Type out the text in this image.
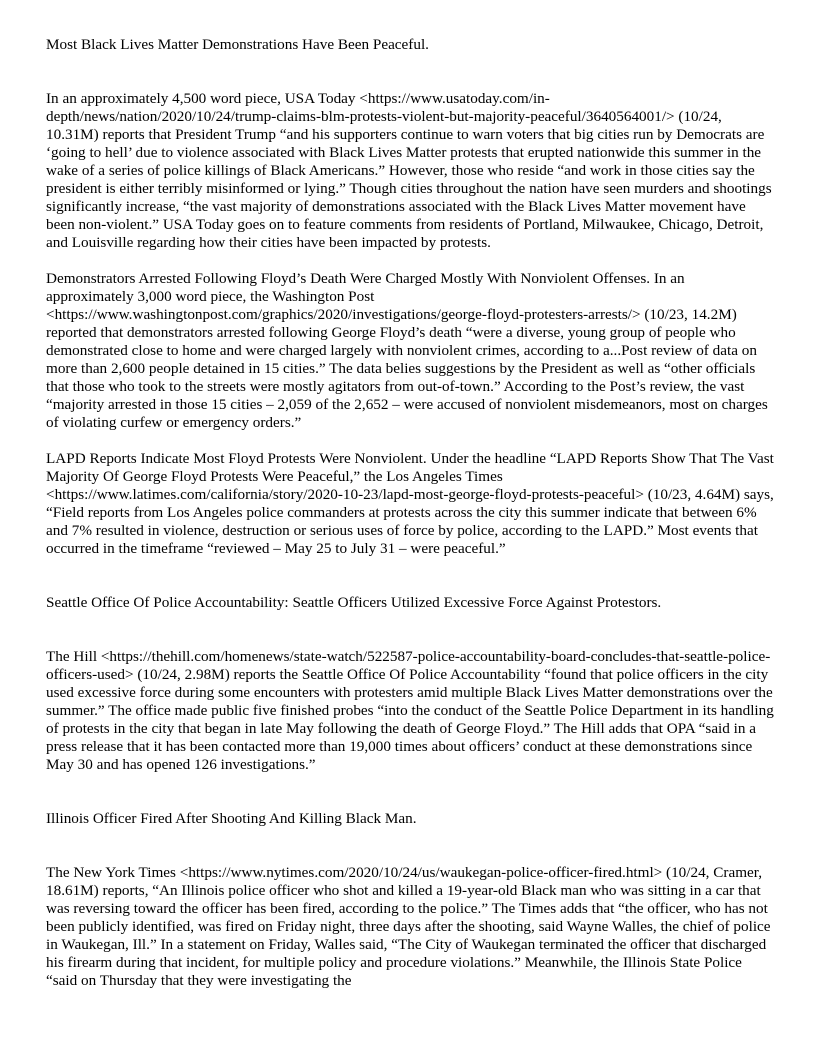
Most Black Lives Matter Demonstrations Have Been Peaceful.

In an approximately 4,500 word piece, USA Today <https://www.usatoday.com/in-depth/news/nation/2020/10/24/trump-claims-blm-protests-violent-but-majority-peaceful/3640564001/> (10/24, 10.31M) reports that President Trump “and his supporters continue to warn voters that big cities run by Democrats are ‘going to hell’ due to violence associated with Black Lives Matter protests that erupted nationwide this summer in the wake of a series of police killings of Black Americans.” However, those who reside “and work in those cities say the president is either terribly misinformed or lying.” Though cities throughout the nation have seen murders and shootings significantly increase, “the vast majority of demonstrations associated with the Black Lives Matter movement have been non-violent.” USA Today goes on to feature comments from residents of Portland, Milwaukee, Chicago, Detroit, and Louisville regarding how their cities have been impacted by protests.

Demonstrators Arrested Following Floyd’s Death Were Charged Mostly With Nonviolent Offenses. In an approximately 3,000 word piece, the Washington Post <https://www.washingtonpost.com/graphics/2020/investigations/george-floyd-protesters-arrests/> (10/23, 14.2M) reported that demonstrators arrested following George Floyd’s death “were a diverse, young group of people who demonstrated close to home and were charged largely with nonviolent crimes, according to a...Post review of data on more than 2,600 people detained in 15 cities.” The data belies suggestions by the President as well as “other officials that those who took to the streets were mostly agitators from out-of-town.” According to the Post’s review, the vast “majority arrested in those 15 cities – 2,059 of the 2,652 – were accused of nonviolent misdemeanors, most on charges of violating curfew or emergency orders.”

LAPD Reports Indicate Most Floyd Protests Were Nonviolent. Under the headline “LAPD Reports Show That The Vast Majority Of George Floyd Protests Were Peaceful,” the Los Angeles Times <https://www.latimes.com/california/story/2020-10-23/lapd-most-george-floyd-protests-peaceful> (10/23, 4.64M) says, “Field reports from Los Angeles police commanders at protests across the city this summer indicate that between 6% and 7% resulted in violence, destruction or serious uses of force by police, according to the LAPD.” Most events that occurred in the timeframe “reviewed – May 25 to July 31 – were peaceful.”

Seattle Office Of Police Accountability: Seattle Officers Utilized Excessive Force Against Protestors.

The Hill <https://thehill.com/homenews/state-watch/522587-police-accountability-board-concludes-that-seattle-police-officers-used> (10/24, 2.98M) reports the Seattle Office Of Police Accountability “found that police officers in the city used excessive force during some encounters with protesters amid multiple Black Lives Matter demonstrations over the summer.” The office made public five finished probes “into the conduct of the Seattle Police Department in its handling of protests in the city that began in late May following the death of George Floyd.” The Hill adds that OPA “said in a press release that it has been contacted more than 19,000 times about officers’ conduct at these demonstrations since May 30 and has opened 126 investigations.”

Illinois Officer Fired After Shooting And Killing Black Man.

The New York Times <https://www.nytimes.com/2020/10/24/us/waukegan-police-officer-fired.html> (10/24, Cramer, 18.61M) reports, “An Illinois police officer who shot and killed a 19-year-old Black man who was sitting in a car that was reversing toward the officer has been fired, according to the police.” The Times adds that “the officer, who has not been publicly identified, was fired on Friday night, three days after the shooting, said Wayne Walles, the chief of police in Waukegan, Ill.” In a statement on Friday, Walles said, “The City of Waukegan terminated the officer that discharged his firearm during that incident, for multiple policy and procedure violations.” Meanwhile, the Illinois State Police “said on Thursday that they were investigating the
